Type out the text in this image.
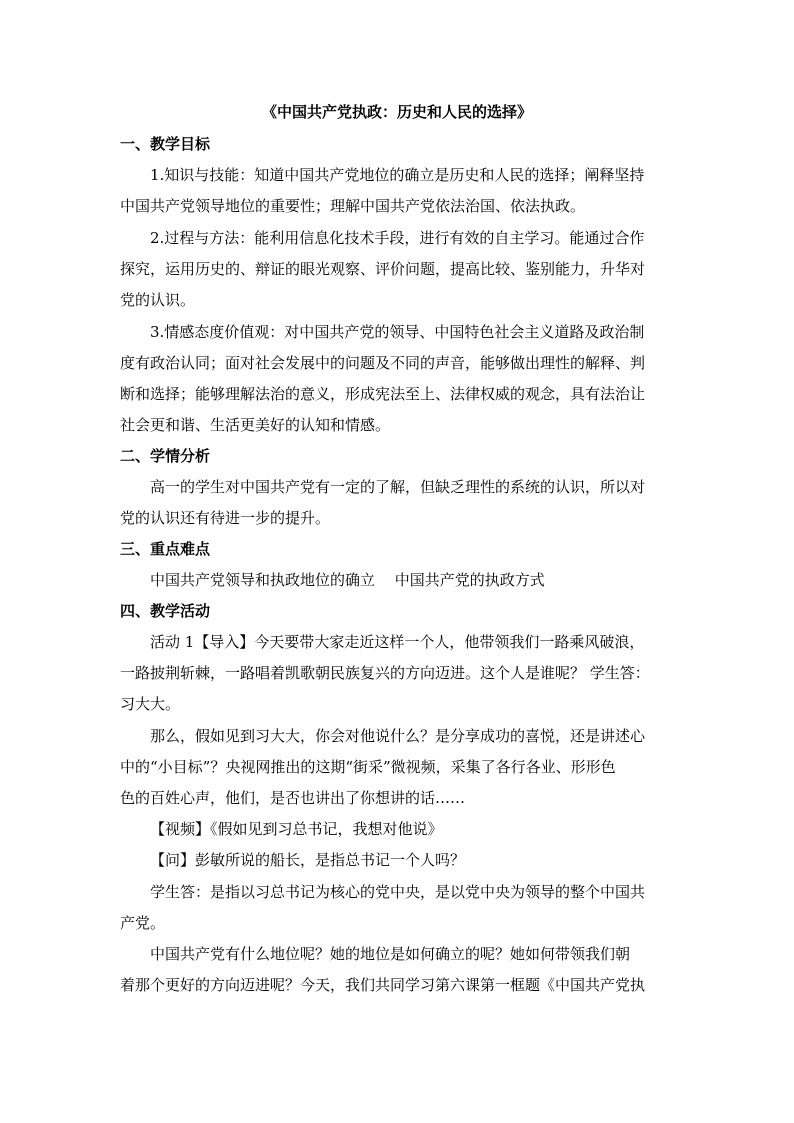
《中国共产党执政：历史和人民的选择》
一、教学目标
1.知识与技能：知道中国共产党地位的确立是历史和人民的选择；阐释坚持
中国共产党领导地位的重要性；理解中国共产党依法治国、依法执政。
2.过程与方法：能利用信息化技术手段，进行有效的自主学习。能通过合作
探究，运用历史的、辩证的眼光观察、评价问题，提高比较、鉴别能力，升华对
党的认识。
3.情感态度价值观：对中国共产党的领导、中国特色社会主义道路及政治制
度有政治认同；面对社会发展中的问题及不同的声音，能够做出理性的解释、判
断和选择；能够理解法治的意义，形成宪法至上、法律权威的观念，具有法治让
社会更和谐、生活更美好的认知和情感。
二、学情分析
高一的学生对中国共产党有一定的了解，但缺乏理性的系统的认识，所以对
党的认识还有待进一步的提升。
三、重点难点
中国共产党领导和执政地位的确立　 中国共产党的执政方式
四、教学活动
活动 1【导入】今天要带大家走近这样一个人，他带领我们一路乘风破浪，
一路披荆斩棘，一路唱着凯歌朝民族复兴的方向迈进。这个人是谁呢？ 学生答：
习大大。
那么，假如见到习大大，你会对他说什么？是分享成功的喜悦，还是讲述心
中的“小目标”？央视网推出的这期“街采”微视频，采集了各行各业、形形色
色的百姓心声，他们，是否也讲出了你想讲的话……
【视频】《假如见到习总书记，我想对他说》
【问】彭敏所说的船长，是指总书记一个人吗？
学生答：是指以习总书记为核心的党中央，是以党中央为领导的整个中国共
产党。
中国共产党有什么地位呢？她的地位是如何确立的呢？她如何带领我们朝
着那个更好的方向迈进呢？今天，我们共同学习第六课第一框题《中国共产党执
